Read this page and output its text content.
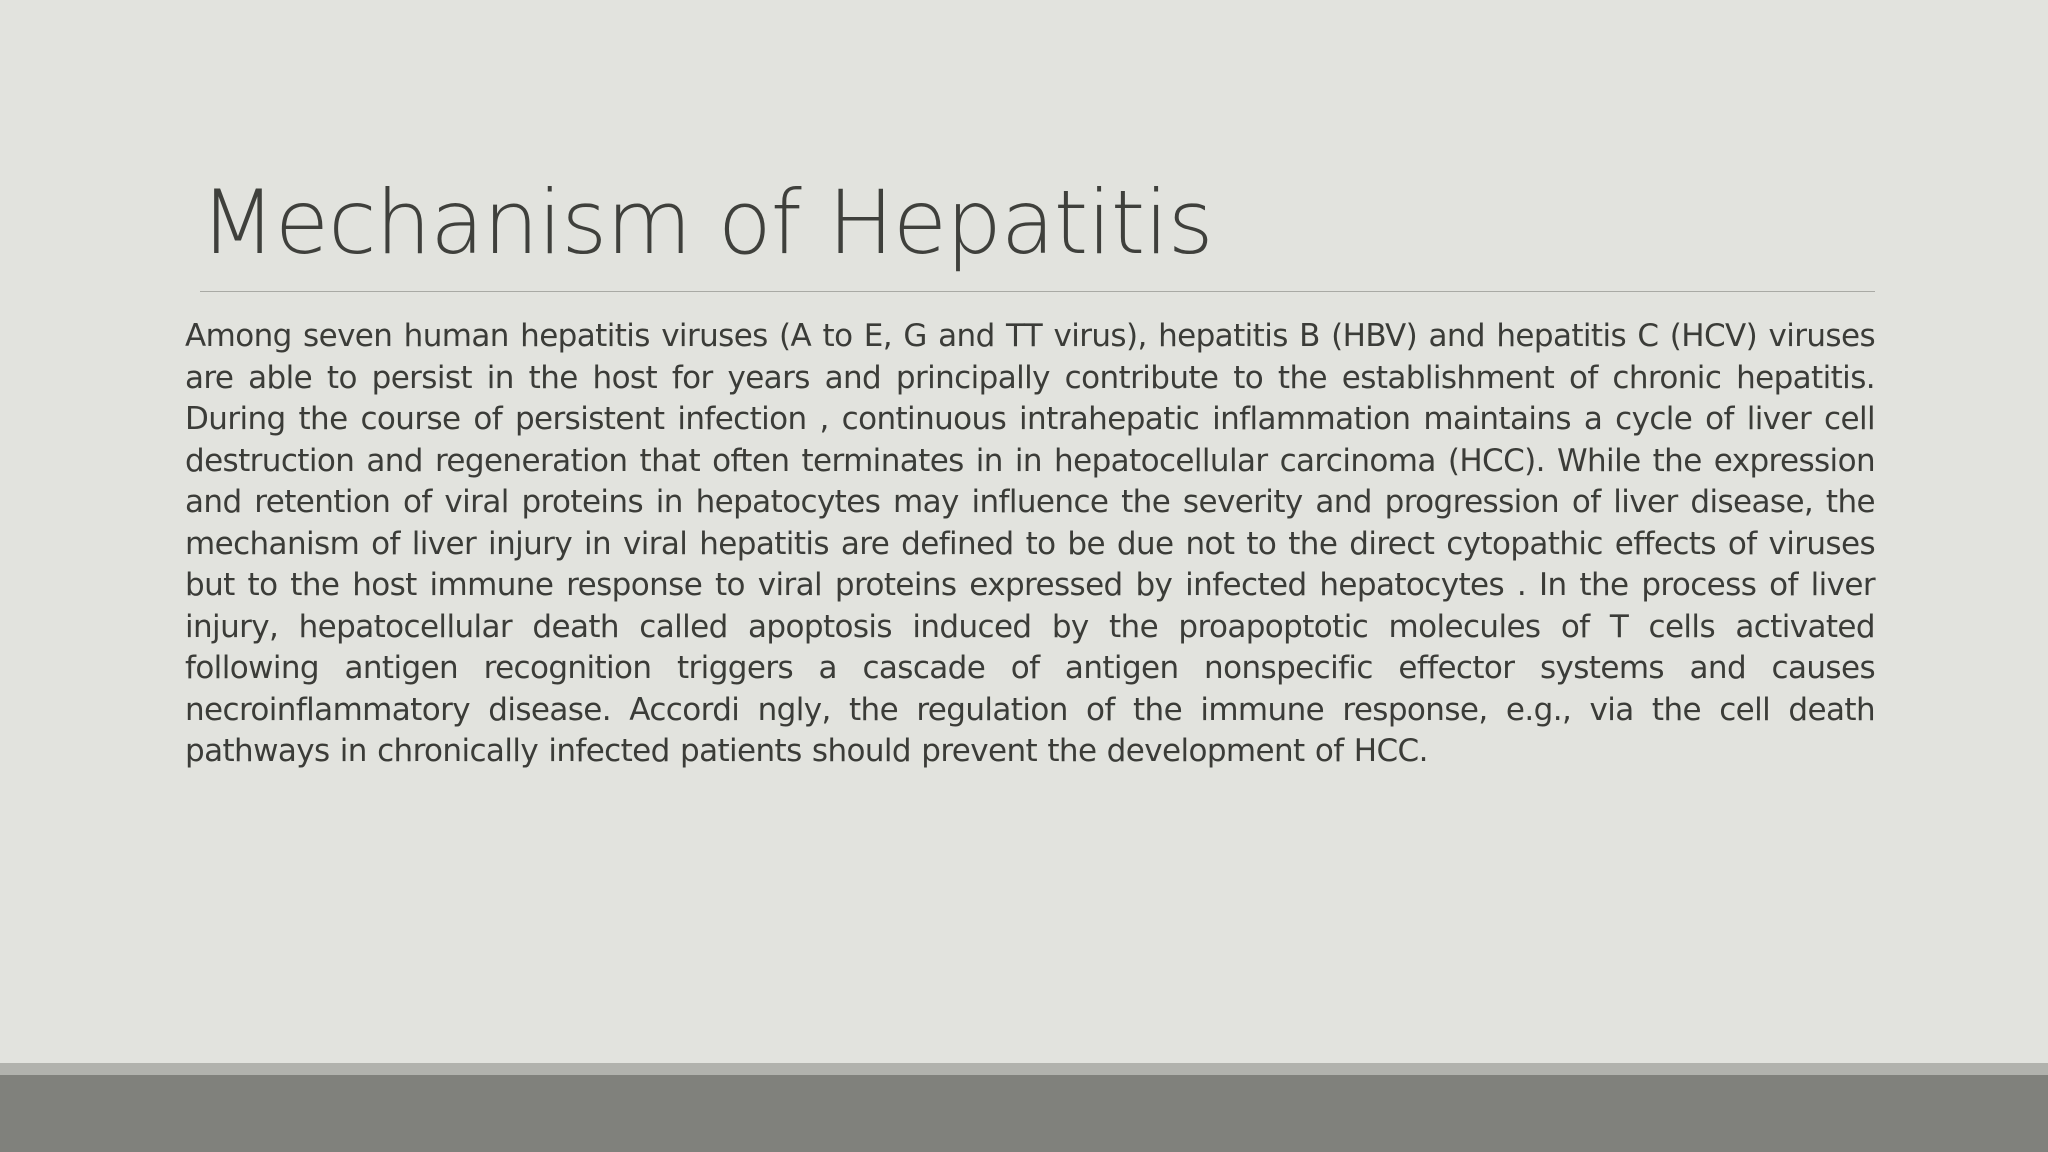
Mechanism of Hepatitis

Among seven human hepatitis viruses (A to E, G and TT virus), hepatitis B (HBV) and hepatitis C (HCV) viruses are able to persist in the host for years and principally contribute to the establishment of chronic hepatitis. During the course of persistent infection , continuous intrahepatic inflammation maintains a cycle of liver cell destruction and regeneration that often terminates in in hepatocellular carcinoma (HCC). While the expression and retention of viral proteins in hepatocytes may influence the severity and progression of liver disease, the mechanism of liver injury in viral hepatitis are defined to be due not to the direct cytopathic effects of viruses but to the host immune response to viral proteins expressed by infected hepatocytes . In the process of liver injury, hepatocellular death called apoptosis induced by the proapoptotic molecules of T cells activated following antigen recognition triggers a cascade of antigen nonspecific effector systems and causes necroinflammatory disease. Accordi ngly, the regulation of the immune response, e.g., via the cell death pathways in chronically infected patients should prevent the development of HCC.
